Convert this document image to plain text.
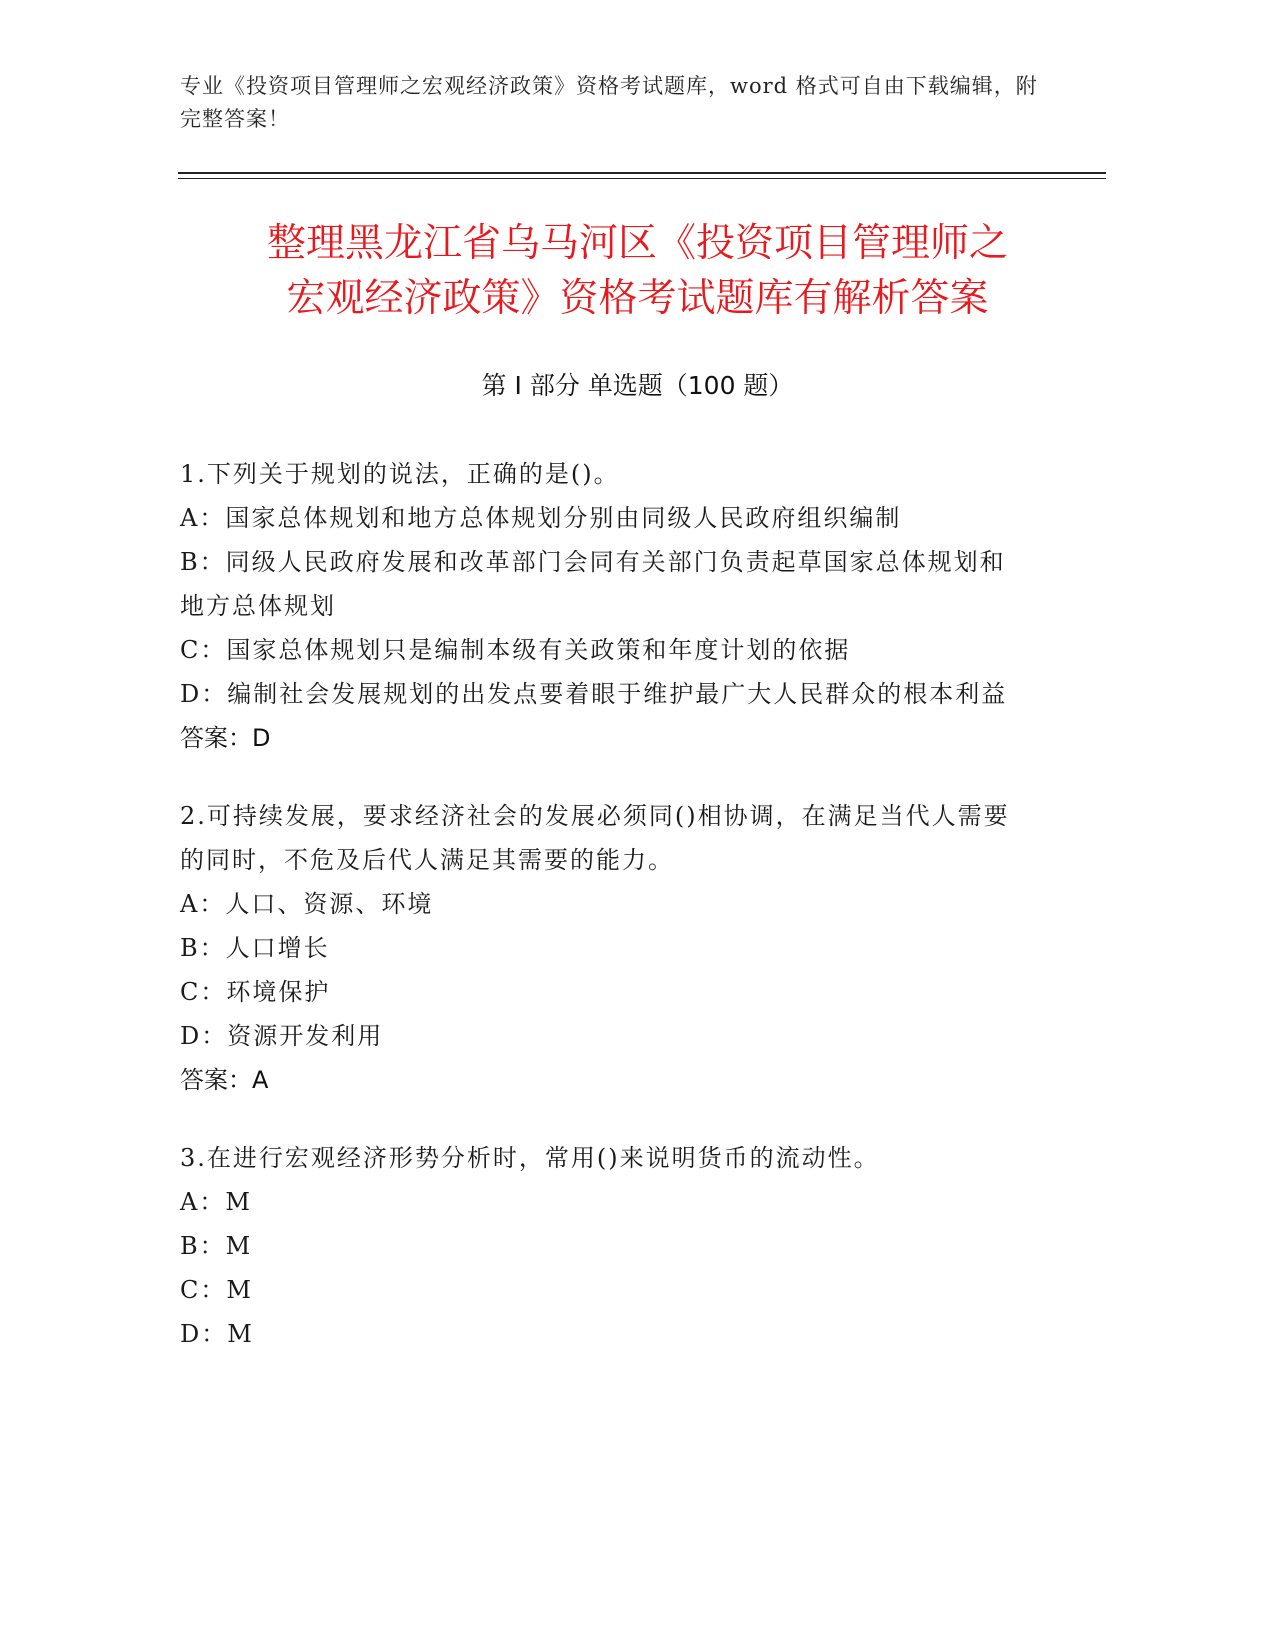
专业《投资项目管理师之宏观经济政策》资格考试题库，word 格式可自由下载编辑，附完整答案！
整理黑龙江省乌马河区《投资项目管理师之
宏观经济政策》资格考试题库有解析答案
第 I 部分 单选题（100 题）
1.下列关于规划的说法，正确的是()。
A：国家总体规划和地方总体规划分别由同级人民政府组织编制
B：同级人民政府发展和改革部门会同有关部门负责起草国家总体规划和地方总体规划
C：国家总体规划只是编制本级有关政策和年度计划的依据
D：编制社会发展规划的出发点要着眼于维护最广大人民群众的根本利益
答案：D
2.可持续发展，要求经济社会的发展必须同()相协调，在满足当代人需要的同时，不危及后代人满足其需要的能力。
A：人口、资源、环境
B：人口增长
C：环境保护
D：资源开发利用
答案：A
3.在进行宏观经济形势分析时，常用()来说明货币的流动性。
A：M
B：M
C：M
D：M
